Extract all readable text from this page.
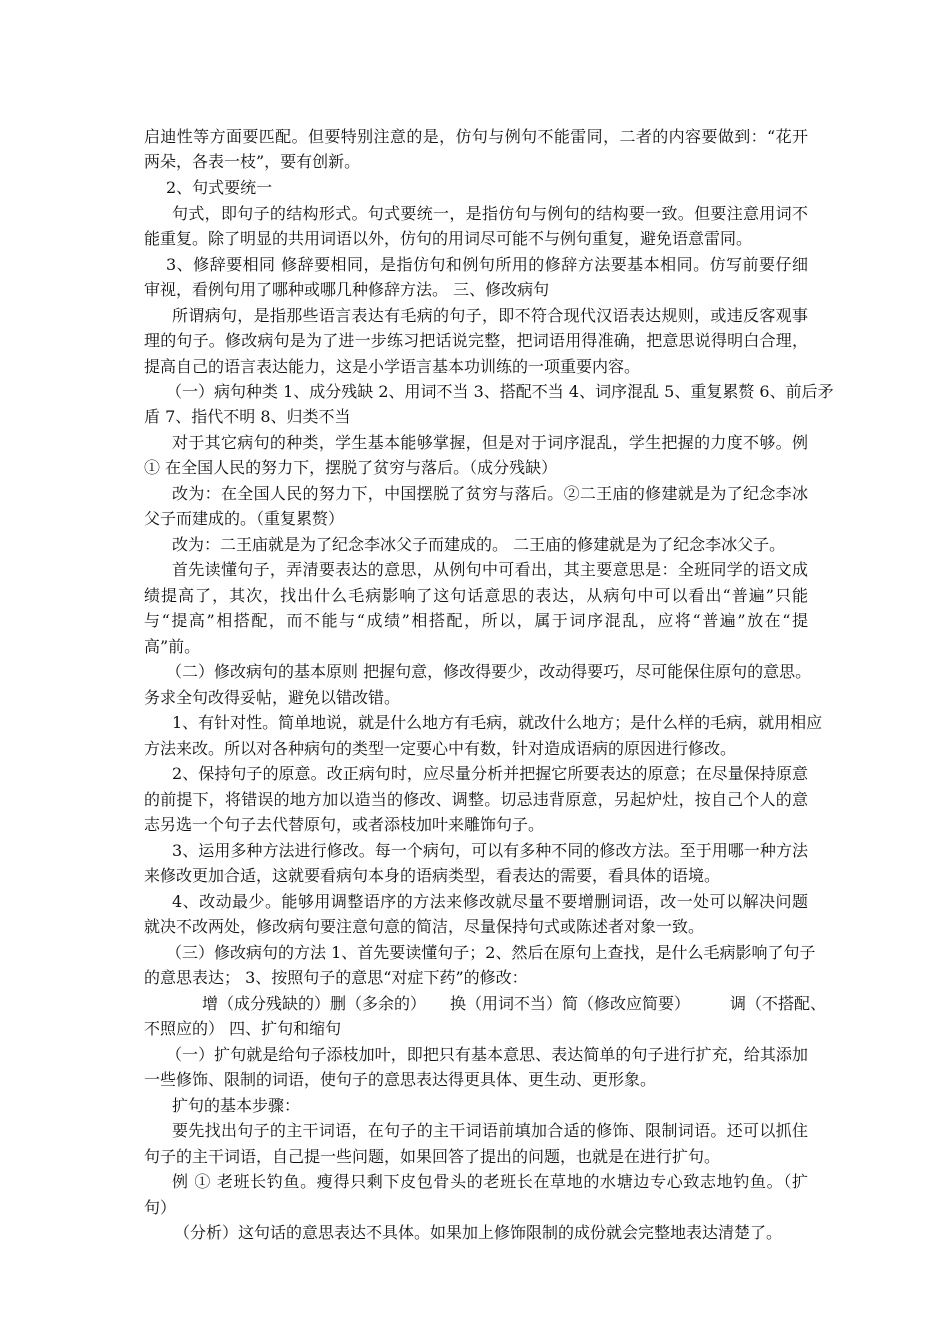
启迪性等方面要匹配。但要特别注意的是，仿句与例句不能雷同，二者的内容要做到：“花开
两朵，各表一枝”，要有创新。
2、句式要统一
句式，即句子的结构形式。句式要统一，是指仿句与例句的结构要一致。但要注意用词不
能重复。除了明显的共用词语以外，仿句的用词尽可能不与例句重复，避免语意雷同。
3、修辞要相同 修辞要相同，是指仿句和例句所用的修辞方法要基本相同。仿写前要仔细
审视，看例句用了哪种或哪几种修辞方法。 三、修改病句
所谓病句，是指那些语言表达有毛病的句子，即不符合现代汉语表达规则，或违反客观事
理的句子。修改病句是为了进一步练习把话说完整，把词语用得准确，把意思说得明白合理，
提高自己的语言表达能力，这是小学语言基本功训练的一项重要内容。
（一）病句种类 1、成分残缺 2、用词不当 3、搭配不当 4、词序混乱 5、重复累赘 6、前后矛
盾 7、指代不明 8、归类不当
对于其它病句的种类，学生基本能够掌握，但是对于词序混乱，学生把握的力度不够。例
① 在全国人民的努力下，摆脱了贫穷与落后。（成分残缺）
改为：在全国人民的努力下，中国摆脱了贫穷与落后。②二王庙的修建就是为了纪念李冰
父子而建成的。（重复累赘）
改为：二王庙就是为了纪念李冰父子而建成的。 二王庙的修建就是为了纪念李冰父子。
首先读懂句子，弄清要表达的意思，从例句中可看出，其主要意思是：全班同学的语文成
绩提高了，其次，找出什么毛病影响了这句话意思的表达，从病句中可以看出“普遍”只能
与“提高”相搭配，而不能与“成绩”相搭配，所以，属于词序混乱，应将“普遍”放在“提
高”前。
（二）修改病句的基本原则 把握句意，修改得要少，改动得要巧，尽可能保住原句的意思。
务求全句改得妥帖，避免以错改错。
1、有针对性。简单地说，就是什么地方有毛病，就改什么地方；是什么样的毛病，就用相应
方法来改。所以对各种病句的类型一定要心中有数，针对造成语病的原因进行修改。
2、保持句子的原意。改正病句时，应尽量分析并把握它所要表达的原意；在尽量保持原意
的前提下，将错误的地方加以造当的修改、调整。切忌违背原意，另起炉灶，按自己个人的意
志另选一个句子去代替原句，或者添枝加叶来雕饰句子。
3、运用多种方法进行修改。每一个病句，可以有多种不同的修改方法。至于用哪一种方法
来修改更加合适，这就要看病句本身的语病类型，看表达的需要，看具体的语境。
4、改动最少。能够用调整语序的方法来修改就尽量不要增删词语，改一处可以解决问题
就决不改两处，修改病句要注意句意的简洁，尽量保持句式或陈述者对象一致。
（三）修改病句的方法 1、首先要读懂句子；2、然后在原句上查找，是什么毛病影响了句子
的意思表达； 3、按照句子的意思“对症下药”的修改：
增（成分残缺的）删（多余的）　　换（用词不当）简（修改应简要）　　　调（不搭配、
不照应的） 四、扩句和缩句
（一）扩句就是给句子添枝加叶，即把只有基本意思、表达简单的句子进行扩充，给其添加
一些修饰、限制的词语，使句子的意思表达得更具体、更生动、更形象。
扩句的基本步骤：
要先找出句子的主干词语，在句子的主干词语前填加合适的修饰、限制词语。还可以抓住
句子的主干词语，自己提一些问题，如果回答了提出的问题，也就是在进行扩句。
例 ① 老班长钓鱼。瘦得只剩下皮包骨头的老班长在草地的水塘边专心致志地钓鱼。（扩
句）
（分析）这句话的意思表达不具体。如果加上修饰限制的成份就会完整地表达清楚了。
